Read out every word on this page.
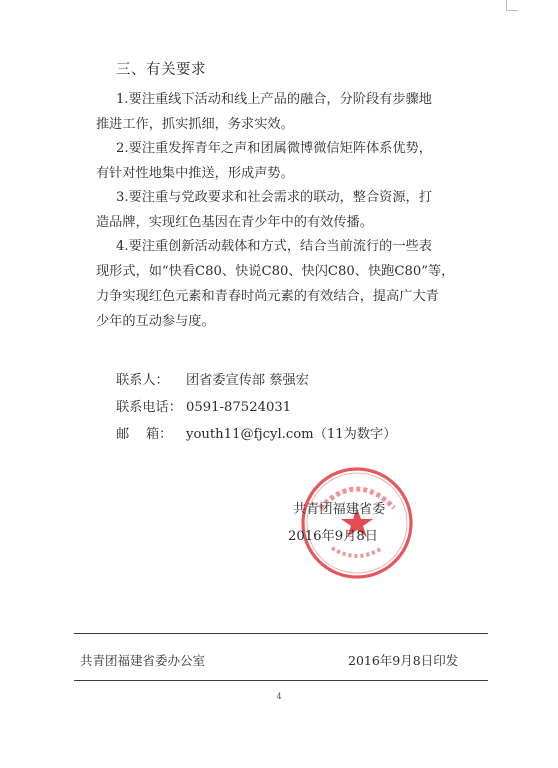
三、有关要求
1.要注重线下活动和线上产品的融合，分阶段有步骤地
推进工作，抓实抓细，务求实效。
2.要注重发挥青年之声和团属微博微信矩阵体系优势，
有针对性地集中推送，形成声势。
3.要注重与党政要求和社会需求的联动，整合资源，打
造品牌，实现红色基因在青少年中的有效传播。
4.要注重创新活动载体和方式，结合当前流行的一些表
现形式，如“快看C80、快说C80、快闪C80、快跑C80”等，
力争实现红色元素和青春时尚元素的有效结合，提高广大青
少年的互动参与度。
联系人： 团省委宣传部 蔡强宏
联系电话： 0591-87524031
邮    箱： youth11@fjcyl.com（11为数字）
共青团福建省委
2016年9月8日
共青团福建省委办公室	2016年9月8日印发
4
